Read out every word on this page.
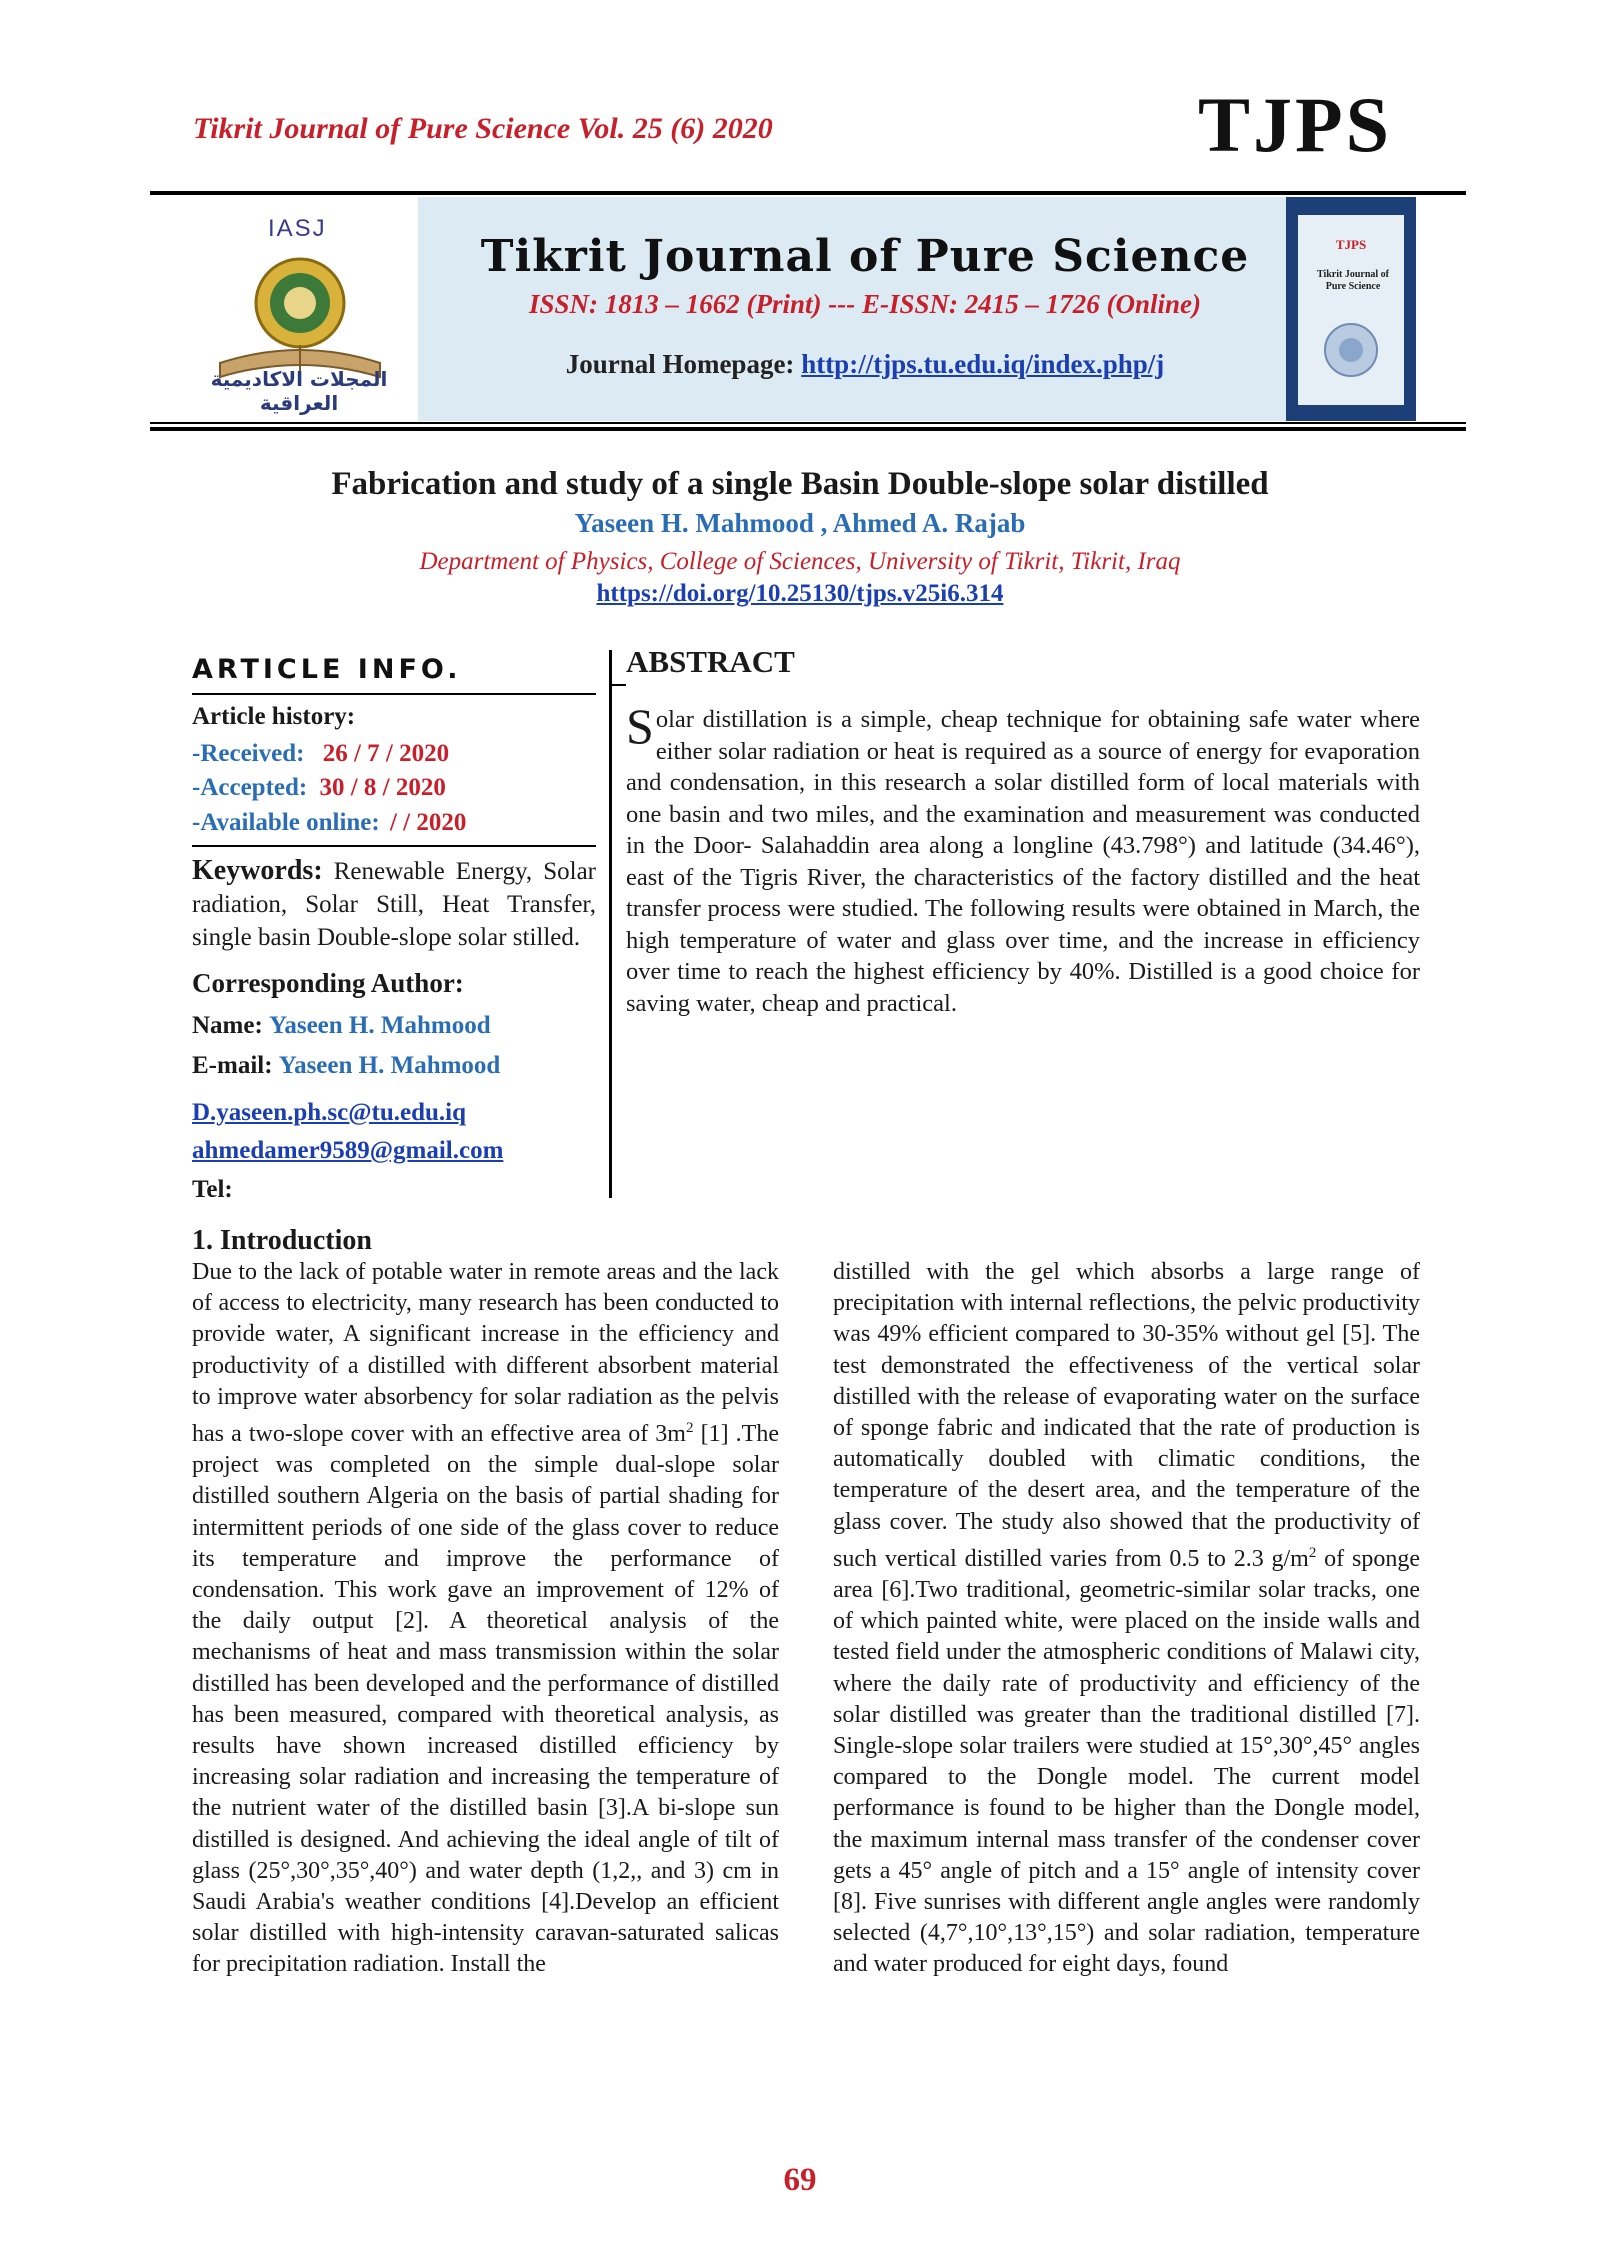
Tikrit Journal of Pure Science Vol. 25 (6) 2020	TJPS
IASJ
المجلات الاكاديمية العراقية
Tikrit Journal of Pure Science
ISSN: 1813 – 1662 (Print) --- E-ISSN: 2415 – 1726 (Online)
Journal Homepage: http://tjps.tu.edu.iq/index.php/j
TJPS
Tikrit Journal of Pure Science
Fabrication and study of a single Basin Double-slope solar distilled
Yaseen H. Mahmood , Ahmed A. Rajab
Department of Physics, College of Sciences, University of Tikrit, Tikrit, Iraq
https://doi.org/10.25130/tjps.v25i6.314
ARTICLE INFO.
Article history:
-Received: 26 / 7 / 2020
-Accepted: 30 / 8 / 2020
-Available online: / / 2020
Keywords: Renewable Energy, Solar radiation, Solar Still, Heat Transfer, single basin Double-slope solar stilled.
Corresponding Author:
Name: Yaseen H. Mahmood
E-mail: Yaseen H. Mahmood
D.yaseen.ph.sc@tu.edu.iq
ahmedamer9589@gmail.com
Tel:
ABSTRACT
Solar distillation is a simple, cheap technique for obtaining safe water where either solar radiation or heat is required as a source of energy for evaporation and condensation, in this research a solar distilled form of local materials with one basin and two miles, and the examination and measurement was conducted in the Door- Salahaddin area along a longline (43.798°) and latitude (34.46°), east of the Tigris River, the characteristics of the factory distilled and the heat transfer process were studied. The following results were obtained in March, the high temperature of water and glass over time, and the increase in efficiency over time to reach the highest efficiency by 40%. Distilled is a good choice for saving water, cheap and practical.
1. Introduction
Due to the lack of potable water in remote areas and the lack of access to electricity, many research has been conducted to provide water, A significant increase in the efficiency and productivity of a distilled with different absorbent material to improve water absorbency for solar radiation as the pelvis has a two-slope cover with an effective area of $3m^2$ [1] .The project was completed on the simple dual-slope solar distilled southern Algeria on the basis of partial shading for intermittent periods of one side of the glass cover to reduce its temperature and improve the performance of condensation. This work gave an improvement of 12% of the daily output [2]. A theoretical analysis of the mechanisms of heat and mass transmission within the solar distilled has been developed and the performance of distilled has been measured, compared with theoretical analysis, as results have shown increased distilled efficiency by increasing solar radiation and increasing the temperature of the nutrient water of the distilled basin [3].A bi-slope sun distilled is designed. And achieving the ideal angle of tilt of glass (25°,30°,35°,40°) and water depth (1,2,, and 3) cm in Saudi Arabia's weather conditions [4].Develop an efficient solar distilled with high-intensity caravan-saturated salicas for precipitation radiation. Install the
distilled with the gel which absorbs a large range of precipitation with internal reflections, the pelvic productivity was 49% efficient compared to 30-35% without gel [5]. The test demonstrated the effectiveness of the vertical solar distilled with the release of evaporating water on the surface of sponge fabric and indicated that the rate of production is automatically doubled with climatic conditions, the temperature of the desert area, and the temperature of the glass cover. The study also showed that the productivity of such vertical distilled varies from 0.5 to 2.3 $g/m^2$ of sponge area [6].Two traditional, geometric-similar solar tracks, one of which painted white, were placed on the inside walls and tested field under the atmospheric conditions of Malawi city, where the daily rate of productivity and efficiency of the solar distilled was greater than the traditional distilled [7]. Single-slope solar trailers were studied at 15°,30°,45° angles compared to the Dongle model. The current model performance is found to be higher than the Dongle model, the maximum internal mass transfer of the condenser cover gets a 45° angle of pitch and a 15° angle of intensity cover [8]. Five sunrises with different angle angles were randomly selected (4,7°,10°,13°,15°) and solar radiation, temperature and water produced for eight days, found
69
